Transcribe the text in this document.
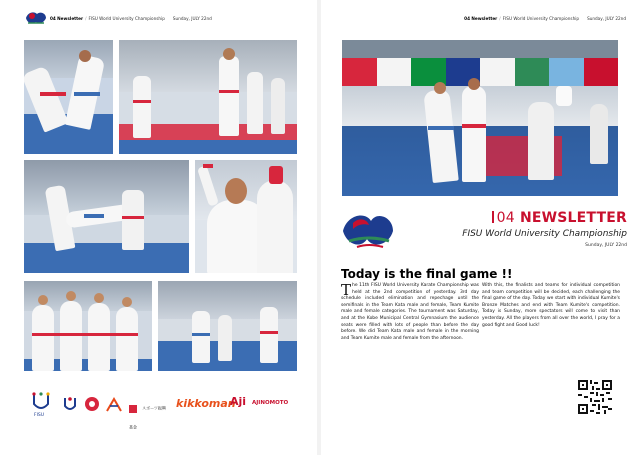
04 Newsletter / FISU World University Championship Sunday, JULY 22nd
FISU
スポーツ振興基金
kikkoman
Aji AJINOMOTO
04 Newsletter / FISU World University Championship Sunday, JULY 22nd
04 NEWSLETTER
FISU World University Championship
Sunday, JULY 22nd
Today is the final game !!
The 11th FISU World University Karate Championship was held at the 2nd competition of yesterday. 3rd day schedule included elimination and repechage until the semifinals in the Team Kata male and female, Team Kumite male and female categories. The tournament was Saturday, and at the Kobe Municipal Central Gymnasium the audience seats were filled with lots of people than before the day before. We did Team Kata male and female in the morning and Team Kumite male and female from the afternoon.
With this, the finalists and teams for individual competition and team competition will be decided, each challenging the final game of the day. Today we start with individual Kumite's Bronze Matches and end with Team Kumite's competition. Today is Sunday, more spectators will come to visit than yesterday. All the players from all over the world, I pray for a good fight and Good luck!
